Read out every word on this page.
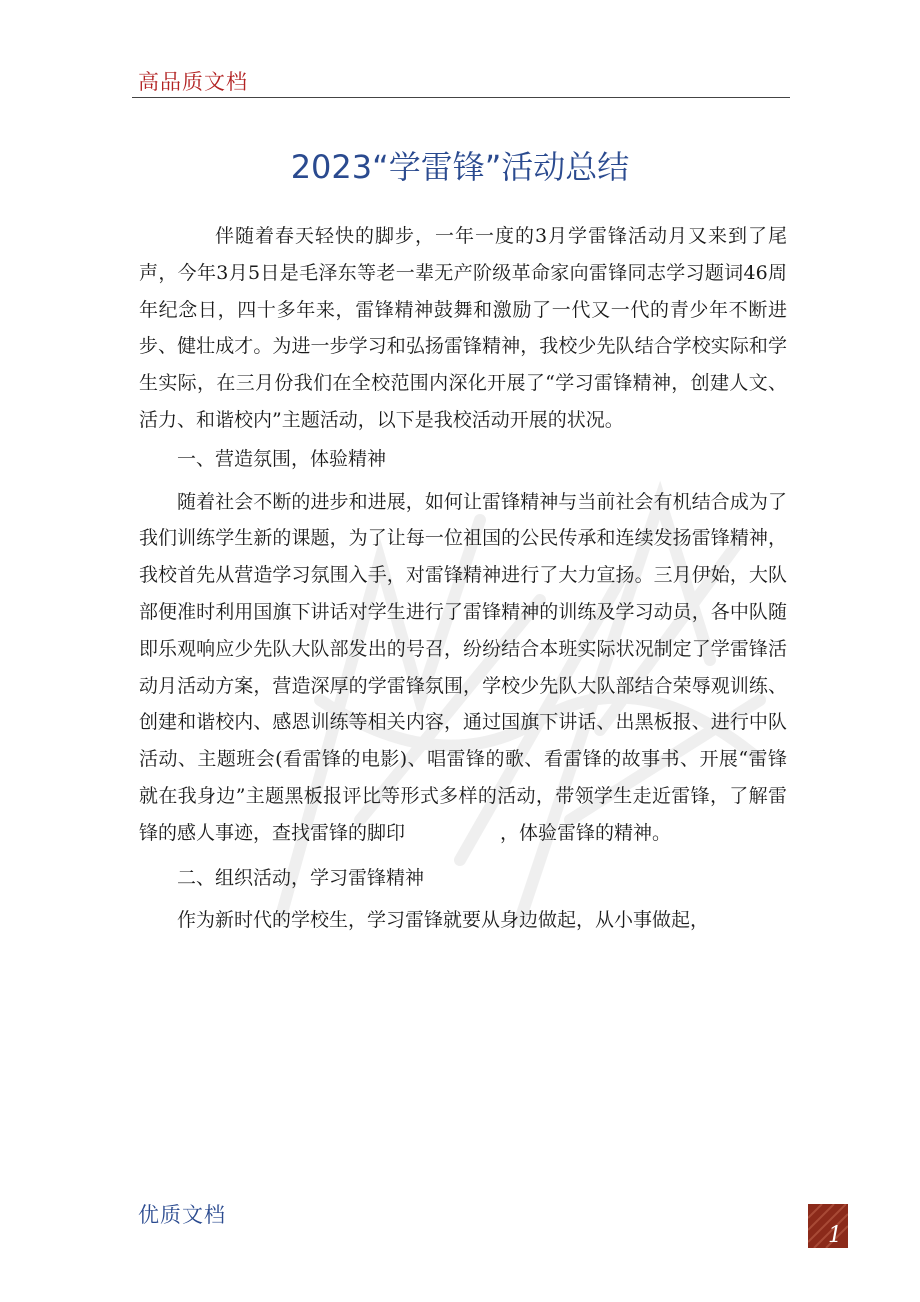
高品质文档
2023“学雷锋”活动总结

伴随着春天轻快的脚步，一年一度的3月学雷锋活动月又来到了尾声，今年3月5日是毛泽东等老一辈无产阶级革命家向雷锋同志学习题词46周年纪念日，四十多年来，雷锋精神鼓舞和激励了一代又一代的青少年不断进步、健壮成才。为进一步学习和弘扬雷锋精神，我校少先队结合学校实际和学生实际，在三月份我们在全校范围内深化开展了“学习雷锋精神，创建人文、活力、和谐校内”主题活动，以下是我校活动开展的状况。

一、营造氛围，体验精神

随着社会不断的进步和进展，如何让雷锋精神与当前社会有机结合成为了我们训练学生新的课题，为了让每一位祖国的公民传承和连续发扬雷锋精神，我校首先从营造学习氛围入手，对雷锋精神进行了大力宣扬。三月伊始，大队部便准时利用国旗下讲话对学生进行了雷锋精神的训练及学习动员，各中队随即乐观响应少先队大队部发出的号召，纷纷结合本班实际状况制定了学雷锋活动月活动方案，营造深厚的学雷锋氛围，学校少先队大队部结合荣辱观训练、创建和谐校内、感恩训练等相关内容，通过国旗下讲话、出黑板报、进行中队活动、主题班会(看雷锋的电影)、唱雷锋的歌、看雷锋的故事书、开展“雷锋就在我身边”主题黑板报评比等形式多样的活动，带领学生走近雷锋，了解雷锋的感人事迹，查找雷锋的脚印　　　　　，体验雷锋的精神。

二、组织活动，学习雷锋精神

作为新时代的学校生，学习雷锋就要从身边做起，从小事做起，

优质文档
1
